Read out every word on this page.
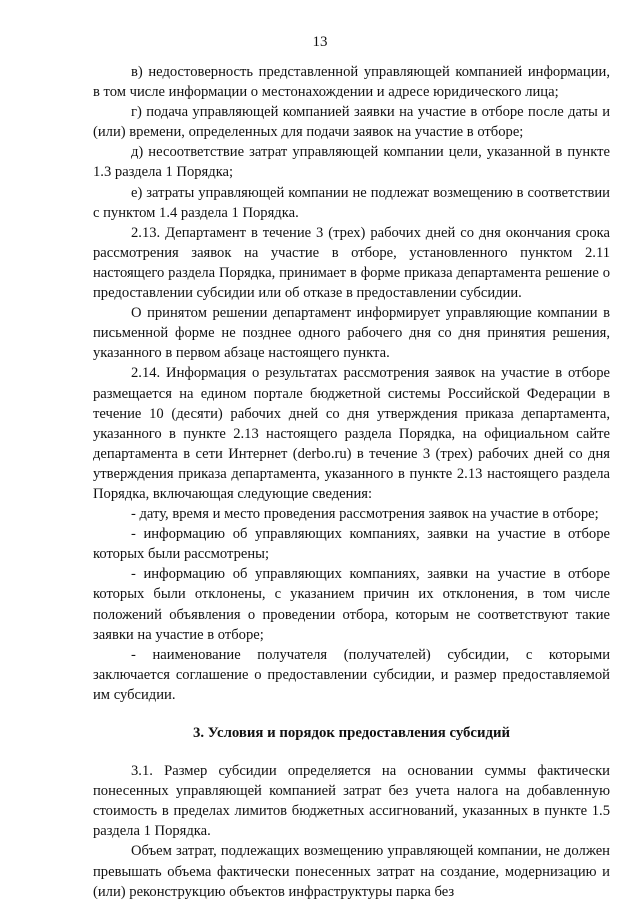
13

в) недостоверность представленной управляющей компанией информации, в том числе информации о местонахождении и адресе юридического лица;

г) подача управляющей компанией заявки на участие в отборе после даты и (или) времени, определенных для подачи заявок на участие в отборе;

д) несоответствие затрат управляющей компании цели, указанной в пункте 1.3 раздела 1 Порядка;

е) затраты управляющей компании не подлежат возмещению в соответствии с пунктом 1.4 раздела 1 Порядка.

2.13. Департамент в течение 3 (трех) рабочих дней со дня окончания срока рассмотрения заявок на участие в отборе, установленного пунктом 2.11 настоящего раздела Порядка, принимает в форме приказа департамента решение о предоставлении субсидии или об отказе в предоставлении субсидии.

О принятом решении департамент информирует управляющие компании в письменной форме не позднее одного рабочего дня со дня принятия решения, указанного в первом абзаце настоящего пункта.

2.14. Информация о результатах рассмотрения заявок на участие в отборе размещается на едином портале бюджетной системы Российской Федерации в течение 10 (десяти) рабочих дней со дня утверждения приказа департамента, указанного в пункте 2.13 настоящего раздела Порядка, на официальном сайте департамента в сети Интернет (derbo.ru) в течение 3 (трех) рабочих дней со дня утверждения приказа департамента, указанного в пункте 2.13 настоящего раздела Порядка, включающая следующие сведения:

- дату, время и место проведения рассмотрения заявок на участие в отборе;

- информацию об управляющих компаниях, заявки на участие в отборе которых были рассмотрены;

- информацию об управляющих компаниях, заявки на участие в отборе которых были отклонены, с указанием причин их отклонения, в том числе положений объявления о проведении отбора, которым не соответствуют такие заявки на участие в отборе;

- наименование получателя (получателей) субсидии, с которыми заключается соглашение о предоставлении субсидии, и размер предоставляемой им субсидии.

3. Условия и порядок предоставления субсидий

3.1. Размер субсидии определяется на основании суммы фактически понесенных управляющей компанией затрат без учета налога на добавленную стоимость в пределах лимитов бюджетных ассигнований, указанных в пункте 1.5 раздела 1 Порядка.

Объем затрат, подлежащих возмещению управляющей компании, не должен превышать объема фактически понесенных затрат на создание, модернизацию и (или) реконструкцию объектов инфраструктуры парка без
